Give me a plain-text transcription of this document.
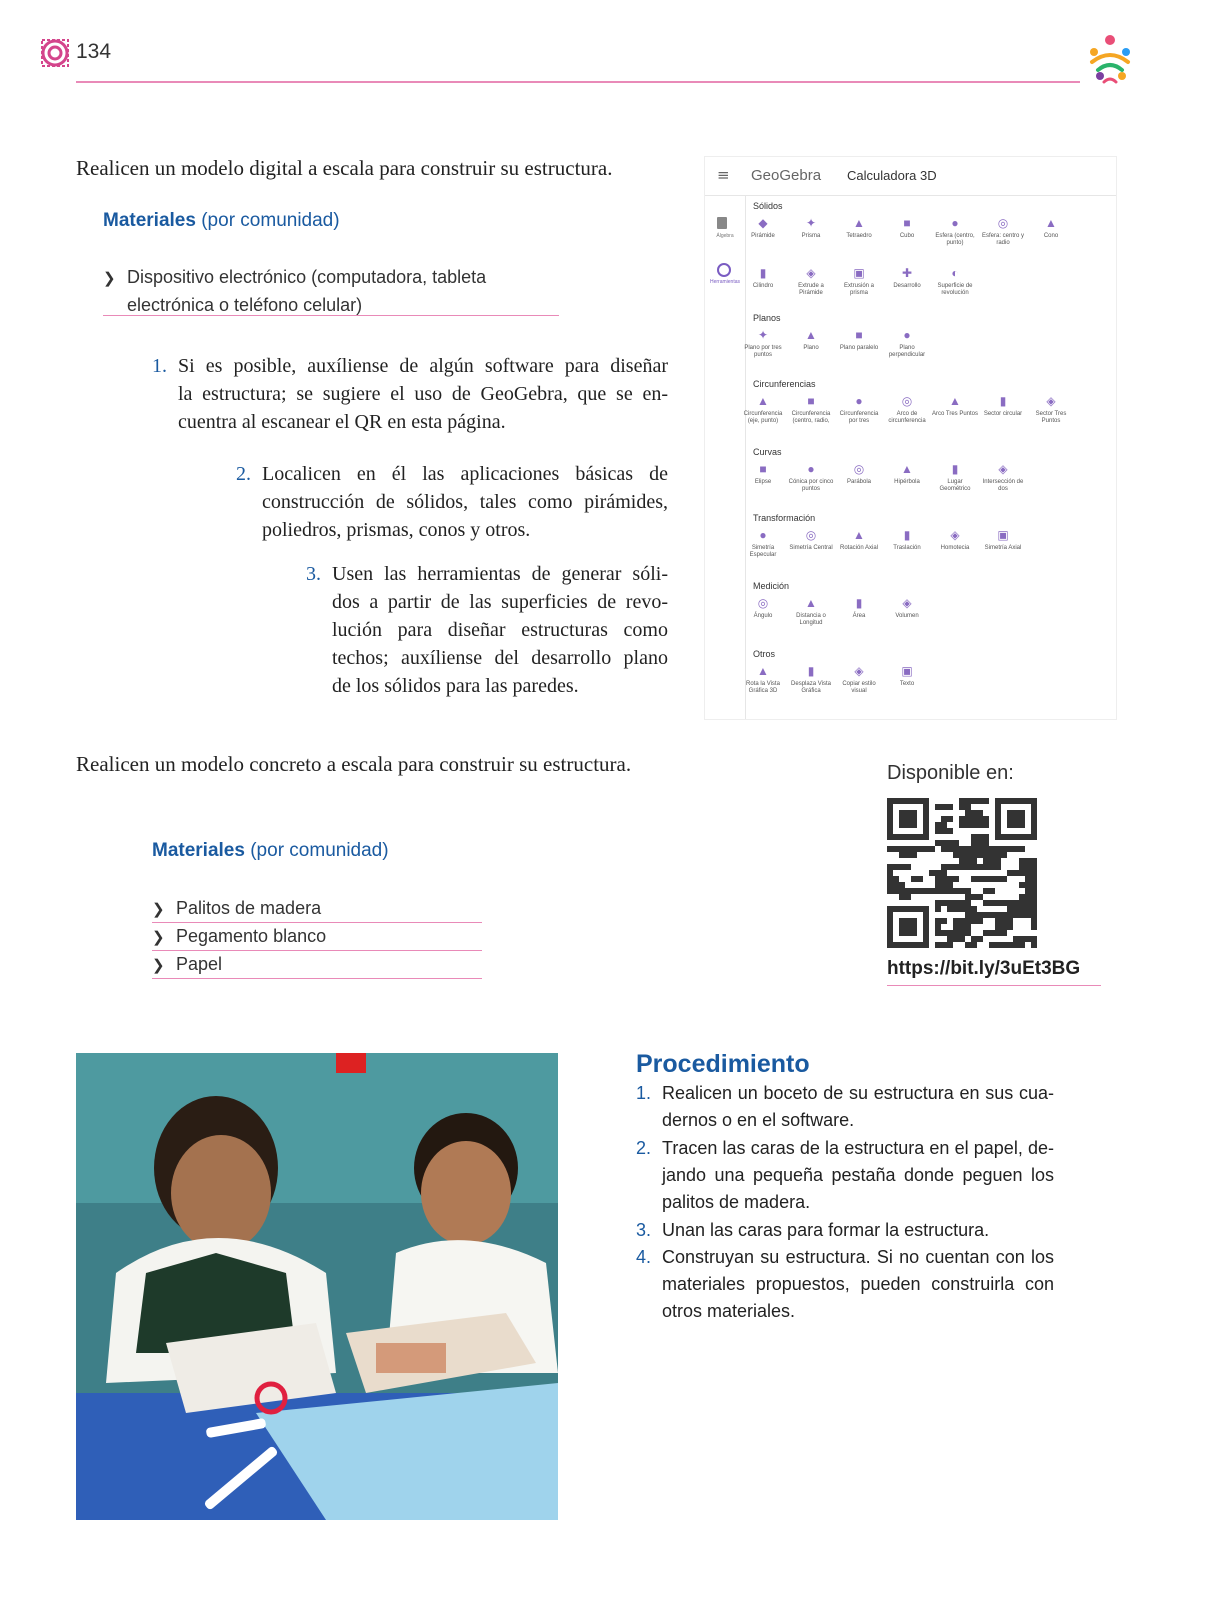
134
Realicen un modelo digital a escala para construir su estructura.
Materiales (por comunidad)
❯ Dispositivo electrónico (computadora, tableta
electrónica o teléfono celular)
1. Si es posible, auxíliense de algún software para diseñar
la estructura; se sugiere el uso de GeoGebra, que se en-
cuentra al escanear el QR en esta página.
2. Localicen en él las aplicaciones básicas de
construcción de sólidos, tales como pirámides,
poliedros, prismas, conos y otros.
3. Usen las herramientas de generar sóli-
dos a partir de las superficies de revo-
lución para diseñar estructuras como
techos; auxíliense del desarrollo plano
de los sólidos para las paredes.
≡ GeoGebra Calculadora 3D
Álgebra
Herramientas
Sólidos
◆
Pirámide
✦
Prisma
▲
Tetraedro
■
Cubo
●
Esfera (centro, punto)
◎
Esfera: centro y radio
▲
Cono
▮
Cilindro
◈
Extrude a Pirámide
▣
Extrusión a prisma
✚
Desarrollo
◐
Superficie de revolución
Planos
✦
Plano por tres puntos
▲
Plano
■
Plano paralelo
●
Plano perpendicular
Circunferencias
▲
Circunferencia (eje, punto)
■
Circunferencia (centro, radio,
●
Circunferencia por tres
◎
Arco de circunferencia
▲
Arco Tres Puntos
▮
Sector circular
◈
Sector Tres Puntos
Curvas
■
Elipse
●
Cónica por cinco puntos
◎
Parábola
▲
Hipérbola
▮
Lugar Geométrico
◈
Intersección de dos
Transformación
●
Simetría Especular
◎
Simetría Central
▲
Rotación Axial
▮
Traslación
◈
Homotecia
▣
Simetría Axial
Medición
◎
Ángulo
▲
Distancia o Longitud
▮
Área
◈
Volumen
Otros
▲
Rota la Vista Gráfica 3D
▮
Desplaza Vista Gráfica
◈
Copiar estilo visual
▣
Texto
Realicen un modelo concreto a escala para construir su estructura.
Materiales (por comunidad)
❯ Palitos de madera
❯ Pegamento blanco
❯ Papel
Disponible en:
https://bit.ly/3uEt3BG
Procedimiento
1. Realicen un boceto de su estructura en sus cua-
dernos o en el software.
2. Tracen las caras de la estructura en el papel, de-
jando una pequeña pestaña donde peguen los
palitos de madera.
3. Unan las caras para formar la estructura.
4. Construyan su estructura. Si no cuentan con los
materiales propuestos, pueden construirla con
otros materiales.
